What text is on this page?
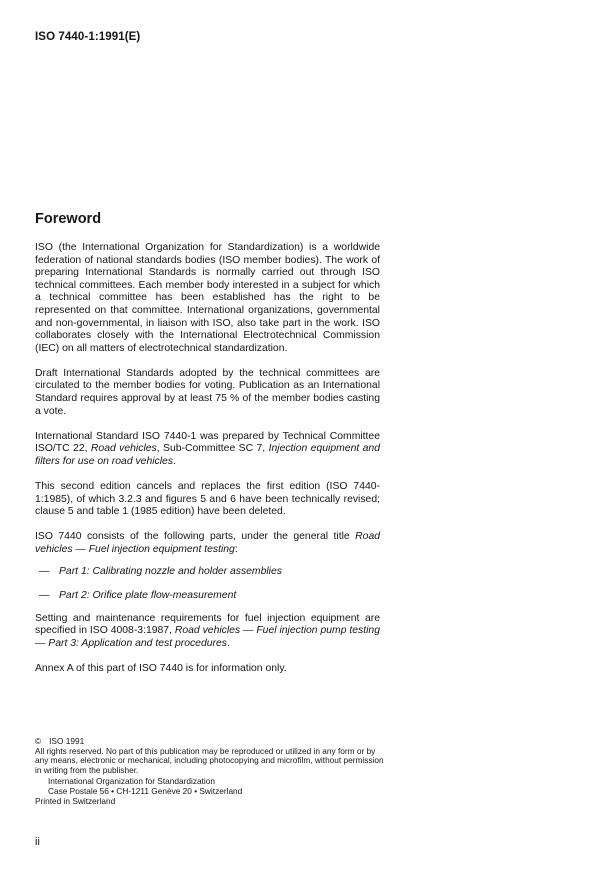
ISO 7440-1:1991(E)
Foreword

ISO (the International Organization for Standardization) is a worldwide federation of national standards bodies (ISO member bodies). The work of preparing International Standards is normally carried out through ISO technical committees. Each member body interested in a subject for which a technical committee has been established has the right to be represented on that committee. International organizations, governmental and non-governmental, in liaison with ISO, also take part in the work. ISO collaborates closely with the International Electrotechnical Commission (IEC) on all matters of electrotechnical standardization.

Draft International Standards adopted by the technical committees are circulated to the member bodies for voting. Publication as an International Standard requires approval by at least 75 % of the member bodies casting a vote.

International Standard ISO 7440-1 was prepared by Technical Committee ISO/TC 22, Road vehicles, Sub-Committee SC 7, Injection equipment and filters for use on road vehicles.

This second edition cancels and replaces the first edition (ISO 7440-1:1985), of which 3.2.3 and figures 5 and 6 have been technically revised; clause 5 and table 1 (1985 edition) have been deleted.

ISO 7440 consists of the following parts, under the general title Road vehicles — Fuel injection equipment testing:

— Part 1: Calibrating nozzle and holder assemblies
— Part 2: Orifice plate flow-measurement

Setting and maintenance requirements for fuel injection equipment are specified in ISO 4008-3:1987, Road vehicles — Fuel injection pump testing — Part 3: Application and test procedures.

Annex A of this part of ISO 7440 is for information only.

© ISO 1991
All rights reserved. No part of this publication may be reproduced or utilized in any form or by any means, electronic or mechanical, including photocopying and microfilm, without permission in writing from the publisher.
International Organization for Standardization
Case Postale 56 • CH-1211 Genève 20 • Switzerland
Printed in Switzerland
ii
